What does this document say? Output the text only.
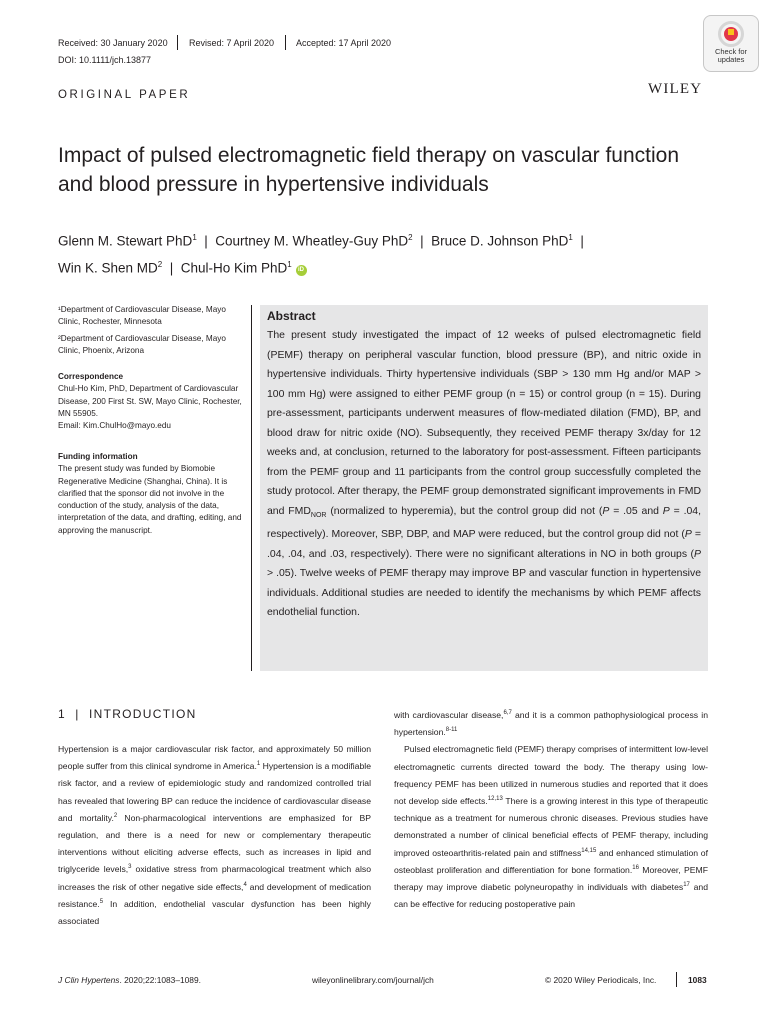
Received: 30 January 2020 Revised: 7 April 2020 Accepted: 17 April 2020
DOI: 10.1111/jch.13877
Check for
updates
ORIGINAL PAPER	WILEY
Impact of pulsed electromagnetic field therapy on vascular function and blood pressure in hypertensive individuals
Glenn M. Stewart PhD$^1$  |  Courtney M. Wheatley-Guy PhD$^2$  |  Bruce D. Johnson PhD$^1$  |
Win K. Shen $MD^2$  |  Chul-Ho Kim PhD$^1$ iD
¹Department of Cardiovascular Disease, Mayo Clinic, Rochester, Minnesota
²Department of Cardiovascular Disease, Mayo Clinic, Phoenix, Arizona
Correspondence
Chul-Ho Kim, PhD, Department of Cardiovascular Disease, 200 First St. SW, Mayo Clinic, Rochester, MN 55905.
Email: Kim.ChulHo@mayo.edu
Funding information
The present study was funded by Biomobie Regenerative Medicine (Shanghai, China). It is clarified that the sponsor did not involve in the conduction of the study, analysis of the data, interpretation of the data, and drafting, editing, and approving the manuscript.
Abstract
The present study investigated the impact of 12 weeks of pulsed electromagnetic field (PEMF) therapy on peripheral vascular function, blood pressure (BP), and nitric oxide in hypertensive individuals. Thirty hypertensive individuals (SBP > 130 mm Hg and/or MAP > 100 mm Hg) were assigned to either PEMF group (n = 15) or control group (n = 15). During pre-assessment, participants underwent measures of flow-mediated dilation (FMD), BP, and blood draw for nitric oxide (NO). Subsequently, they received PEMF therapy 3x/day for 12 weeks and, at conclusion, returned to the laboratory for post-assessment. Fifteen participants from the PEMF group and 11 participants from the control group successfully completed the study protocol. After therapy, the PEMF group demonstrated significant improvements in FMD and $FMD_{NOR}$ (normalized to hyperemia), but the control group did not (P = .05 and P = .04, respectively). Moreover, SBP, DBP, and MAP were reduced, but the control group did not (P = .04, .04, and .03, respectively). There were no significant alterations in NO in both groups (P > .05). Twelve weeks of PEMF therapy may improve BP and vascular function in hypertensive individuals. Additional studies are needed to identify the mechanisms by which PEMF affects endothelial function.
1 | INTRODUCTION

Hypertension is a major cardiovascular risk factor, and approximately 50 million people suffer from this clinical syndrome in America.$^1$ Hypertension is a modifiable risk factor, and a review of epidemiologic study and randomized controlled trial has revealed that lowering BP can reduce the incidence of cardiovascular disease and mortality.$^2$ Non-pharmacological interventions are emphasized for BP regulation, and there is a need for new or complementary therapeutic interventions without eliciting adverse effects, such as increases in lipid and triglyceride levels,$^3$ oxidative stress from pharmacological treatment which also increases the risk of other negative side effects,$^4$ and development of medication resistance.$^5$ In addition, endothelial vascular dysfunction has been highly associated

with cardiovascular disease,$^{6,7}$ and it is a common pathophysiological process in hypertension.$^{8-11}$

Pulsed electromagnetic field (PEMF) therapy comprises of intermittent low-level electromagnetic currents directed toward the body. The therapy using low-frequency PEMF has been utilized in numerous studies and reported that it does not develop side effects.$^{12,13}$ There is a growing interest in this type of therapeutic technique as a treatment for numerous chronic diseases. Previous studies have demonstrated a number of clinical beneficial effects of PEMF therapy, including improved osteoarthritis-related pain and stiffness$^{14,15}$ and enhanced stimulation of osteoblast proliferation and differentiation for bone formation.$^{16}$ Moreover, PEMF therapy may improve diabetic polyneuropathy in individuals with diabetes$^{17}$ and can be effective for reducing postoperative pain

J Clin Hypertens. 2020;22:1083–1089.	wileyonlinelibrary.com/journal/jch	© 2020 Wiley Periodicals, Inc.	1083
